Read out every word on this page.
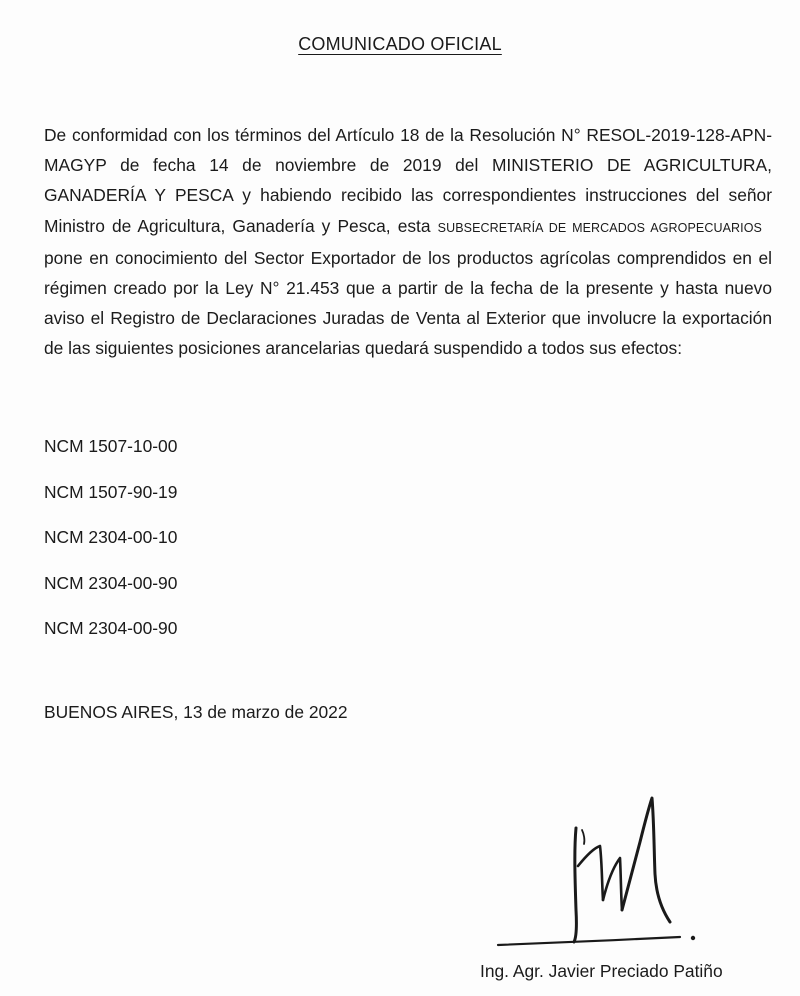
COMUNICADO OFICIAL
De conformidad con los términos del Artículo 18 de la Resolución N° RESOL-2019-128-APN-MAGYP de fecha 14 de noviembre de 2019 del MINISTERIO DE AGRICULTURA, GANADERÍA Y PESCA y habiendo recibido las correspondientes instrucciones del señor Ministro de Agricultura, Ganadería y Pesca, esta SUBSECRETARÍA DE MERCADOS AGROPECUARIOS pone en conocimiento del Sector Exportador de los productos agrícolas comprendidos en el régimen creado por la Ley N° 21.453 que a partir de la fecha de la presente y hasta nuevo aviso el Registro de Declaraciones Juradas de Venta al Exterior que involucre la exportación de las siguientes posiciones arancelarias quedará suspendido a todos sus efectos:
NCM 1507-10-00
NCM 1507-90-19
NCM 2304-00-10
NCM 2304-00-90
NCM 2304-00-90
BUENOS AIRES, 13 de marzo de 2022
Ing. Agr. Javier Preciado Patiño
